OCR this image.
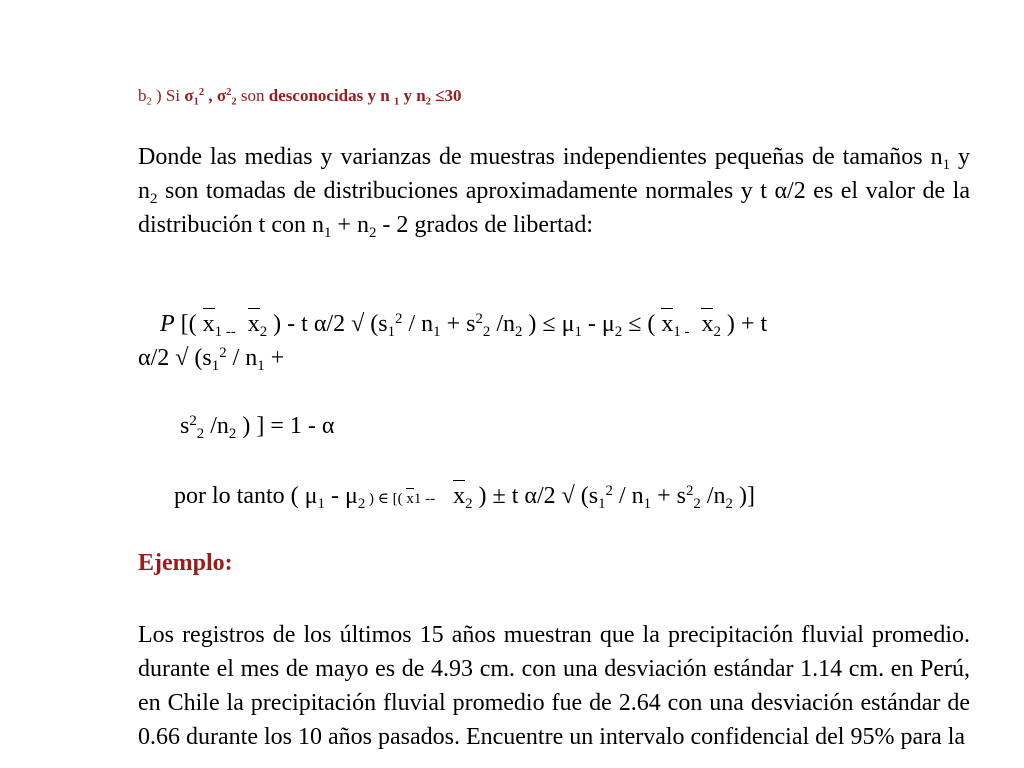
$b_2$ ) Si $\sigma_1^2$ , $\sigma^2_2$ son desconocidas y n $_1$ y $n_2 \le 30$
Donde las medias y varianzas de muestras independientes pequeñas de tamaños $n_1$ y $n_2$ son tomadas de distribuciones aproximadamente normales y t α/2 es el valor de la distribución t con $n_1 + n_2 - 2$ grados de libertad:
P [( $x_{1 --}$ $x_2$ ) - t α/2 √ ($s_1^2 / n_1 + s^2_2$ $/n_2$ ) ≤ $\mu_1 - \mu_2$ ≤ ( $x_{1 -}$ $x_2$ ) + t
α/2 √ ($s_1^2 / n_1$ +
$s^2_2$ $/n_2$ ) ] = 1 - α
por lo tanto ( $\mu_1 - \mu_2$ ) ∈ [( $x1 -- x_2$ ) ± t α/2 √ ($s_1^2 / n_1 + s^2_2$ $/n_2$ )]
Ejemplo:
Los registros de los últimos 15 años muestran que la precipitación fluvial promedio. durante el mes de mayo es de 4.93 cm. con una desviación estándar 1.14 cm. en Perú, en Chile la precipitación fluvial promedio fue de 2.64 con una desviación estándar de 0.66 durante los 10 años pasados. Encuentre un intervalo confidencial del 95% para la
